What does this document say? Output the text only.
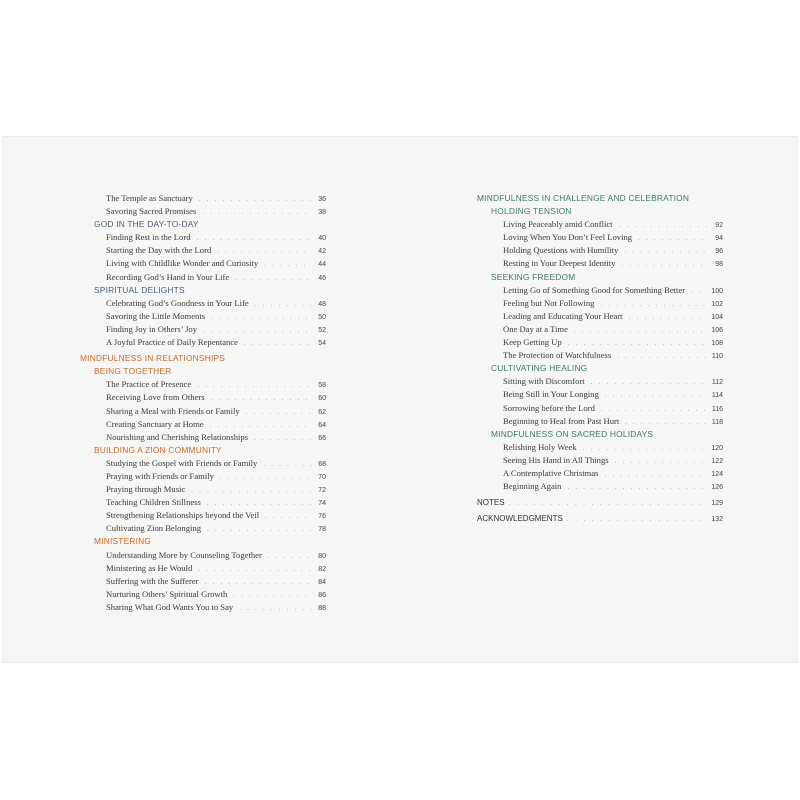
The Temple as Sanctuary . . .	36
Savoring Sacred Promises . . .	38
GOD IN THE DAY-TO-DAY
Finding Rest in the Lord . . .	40
Starting the Day with the Lord . . .	42
Living with Childlike Wonder and Curiosity . . .	44
Recording God’s Hand in Your Life . . .	46
SPIRITUAL DELIGHTS
Celebrating God’s Goodness in Your Life . . .	48
Savoring the Little Moments . . .	50
Finding Joy in Others’ Joy . . .	52
A Joyful Practice of Daily Repentance . . .	54
MINDFULNESS IN RELATIONSHIPS
BEING TOGETHER
The Practice of Presence . . .	58
Receiving Love from Others . . .	60
Sharing a Meal with Friends or Family . . .	62
Creating Sanctuary at Home . . .	64
Nourishing and Cherishing Relationships . . .	66
BUILDING A ZION COMMUNITY
Studying the Gospel with Friends or Family . . .	68
Praying with Friends or Family . . .	70
Praying through Music . . .	72
Teaching Children Stillness . . .	74
Strengthening Relationships beyond the Veil . . .	76
Cultivating Zion Belonging . . .	78
MINISTERING
Understanding More by Counseling Together . . .	80
Ministering as He Would . . .	82
Suffering with the Sufferer . . .	84
Nurturing Others’ Spiritual Growth . . .	86
Sharing What God Wants You to Say . . .	88
MINDFULNESS IN CHALLENGE AND CELEBRATION
HOLDING TENSION
Living Peaceably amid Conflict . . .	92
Loving When You Don’t Feel Loving . . .	94
Holding Questions with Humility . . .	96
Resting in Your Deepest Identity . . .	98
SEEKING FREEDOM
Letting Go of Something Good for Something Better . . .	100
Feeling but Not Following . . .	102
Leading and Educating Your Heart . . .	104
One Day at a Time . . .	106
Keep Getting Up . . .	108
The Protection of Watchfulness . . .	110
CULTIVATING HEALING
Sitting with Discomfort . . .	112
Being Still in Your Longing . . .	114
Sorrowing before the Lord . . .	116
Beginning to Heal from Past Hurt . . .	118
MINDFULNESS ON SACRED HOLIDAYS
Relishing Holy Week . . .	120
Seeing His Hand in All Things . . .	122
A Contemplative Christmas . . .	124
Beginning Again . . .	126
NOTES . . .	129
ACKNOWLEDGMENTS . . .	132
